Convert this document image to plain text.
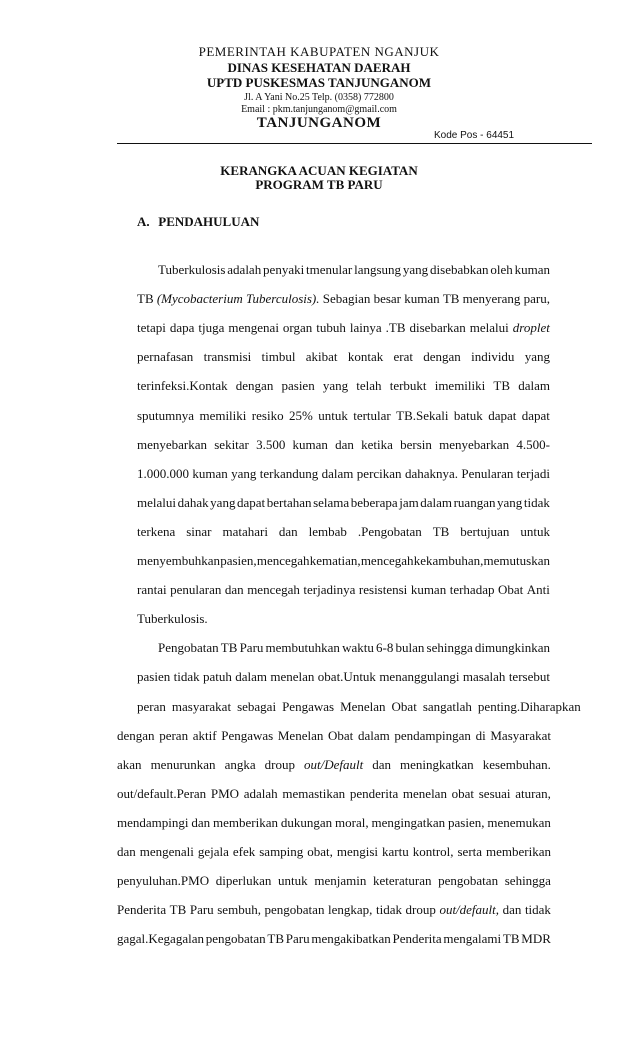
PEMERINTAH KABUPATEN NGANJUK
DINAS KESEHATAN DAERAH
UPTD PUSKESMAS TANJUNGANOM
Jl. A Yani No.25 Telp. (0358) 772800
Email : pkm.tanjunganom@gmail.com
TANJUNGANOM
Kode Pos - 64451
KERANGKA ACUAN KEGIATAN
PROGRAM TB PARU
A. PENDAHULUAN
Tuberkulosis adalah penyaki tmenular langsung yang disebabkan oleh kuman
TB (Mycobacterium Tuberculosis). Sebagian besar kuman TB menyerang paru,
tetapi dapa tjuga mengenai organ tubuh lainya .TB disebarkan melalui droplet
pernafasan transmisi timbul akibat kontak erat dengan individu yang
terinfeksi.Kontak dengan pasien yang telah terbukt imemiliki TB dalam
sputumnya memiliki resiko 25% untuk tertular TB.Sekali batuk dapat dapat
menyebarkan sekitar 3.500 kuman dan ketika bersin menyebarkan 4.500-
1.000.000 kuman yang terkandung dalam percikan dahaknya. Penularan terjadi
melalui dahak yang dapat bertahan selama beberapa jam dalam ruangan yang tidak
terkena sinar matahari dan lembab .Pengobatan TB bertujuan untuk
menyembuhkan pasien, mencegah kematian, mencegah kekambuhan, memutuskan
rantai penularan dan mencegah terjadinya resistensi kuman terhadap Obat Anti
Tuberkulosis.
Pengobatan TB Paru membutuhkan waktu 6-8 bulan sehingga dimungkinkan
pasien tidak patuh dalam menelan obat.Untuk menanggulangi masalah tersebut
peran masyarakat sebagai Pengawas Menelan Obat sangatlah penting.Diharapkan
dengan peran aktif Pengawas Menelan Obat dalam pendampingan di Masyarakat
akan menurunkan angka droup out/Default dan meningkatkan kesembuhan.
out/default.Peran PMO adalah memastikan penderita menelan obat sesuai aturan,
mendampingi dan memberikan dukungan moral, mengingatkan pasien, menemukan
dan mengenali gejala efek samping obat, mengisi kartu kontrol, serta memberikan
penyuluhan.PMO diperlukan untuk menjamin keteraturan pengobatan sehingga
Penderita TB Paru sembuh, pengobatan lengkap, tidak droup out/default, dan tidak
gagal.Kegagalan pengobatan TB Paru mengakibatkan Penderita mengalami TB MDR
